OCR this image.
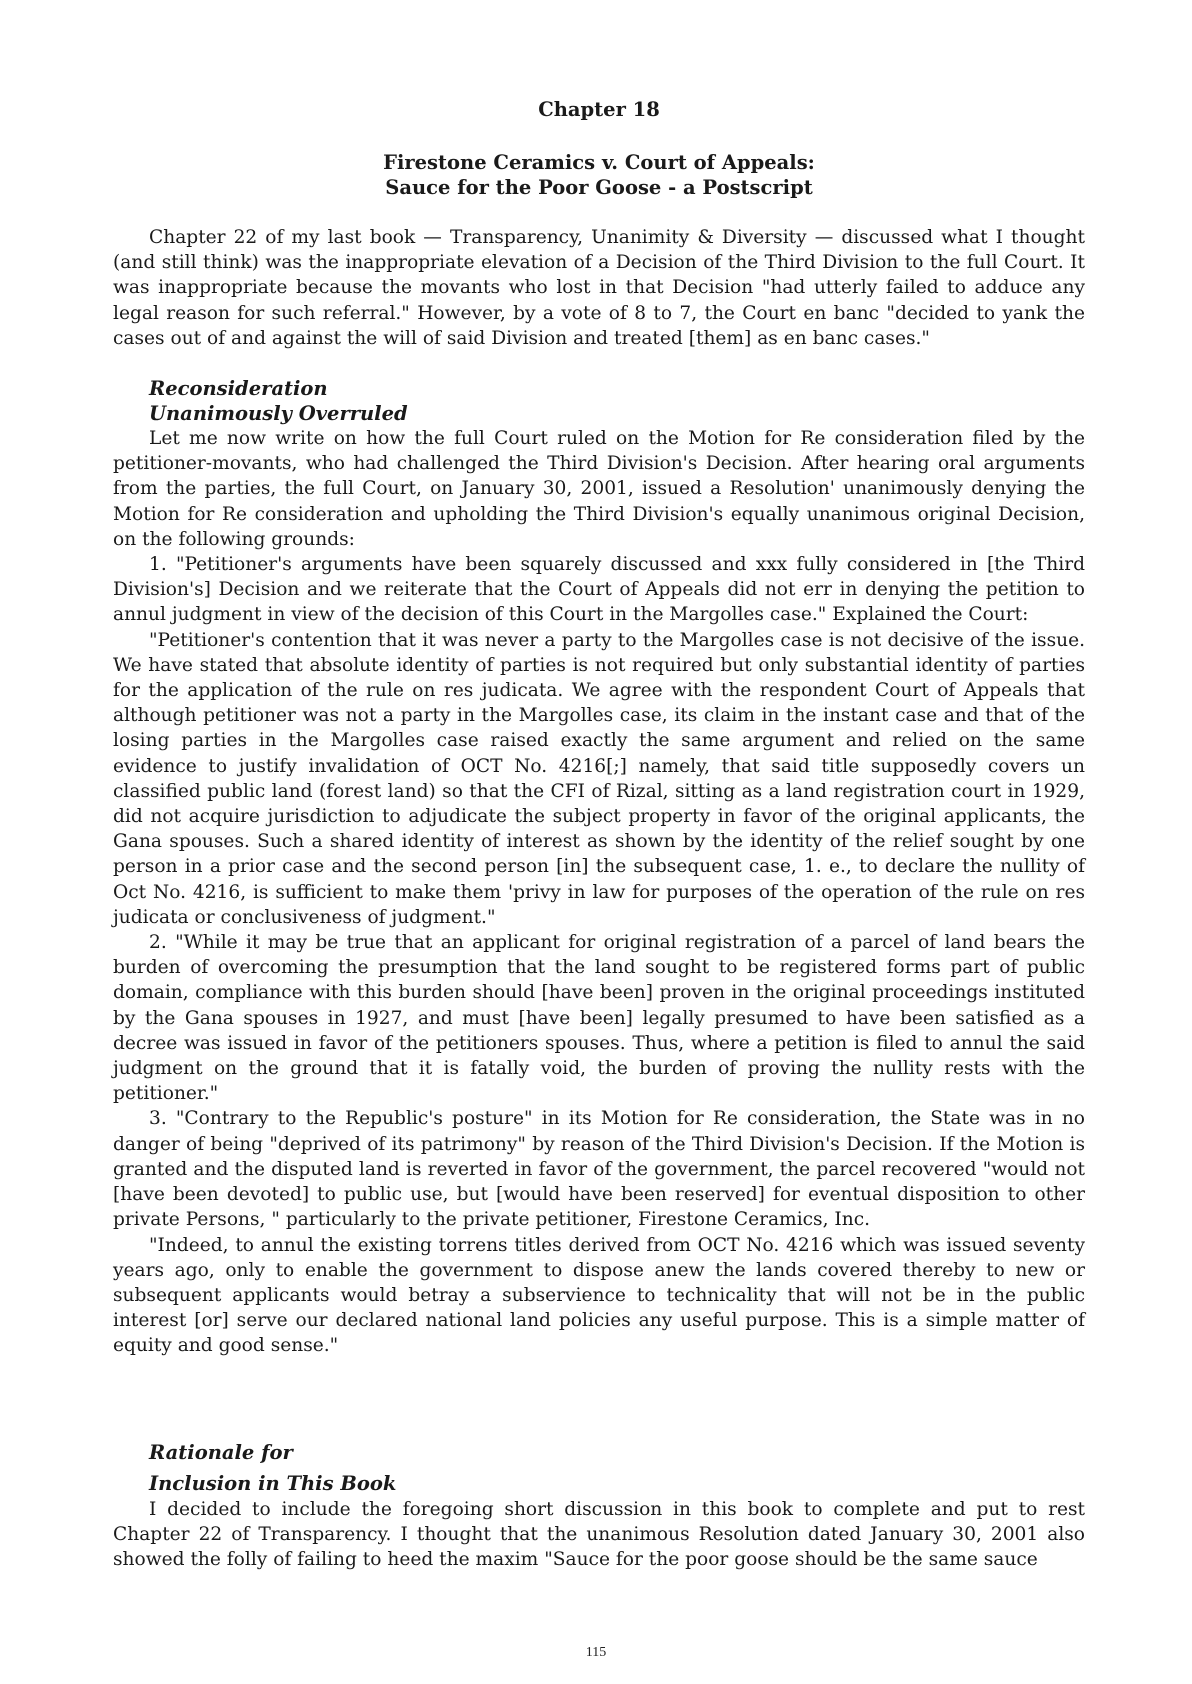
Chapter 18
Firestone Ceramics v. Court of Appeals:
Sauce for the Poor Goose - a Postscript

Chapter 22 of my last book — Transparency, Unanimity & Diversity — discussed what I thought (and still think) was the inappropriate elevation of a Decision of the Third Division to the full Court. It was inappropriate because the movants who lost in that Decision "had utterly failed to adduce any legal reason for such referral." However, by a vote of 8 to 7, the Court en banc "decided to yank the cases out of and against the will of said Division and treated [them] as en banc cases."

Reconsideration
Unanimously Overruled

Let me now write on how the full Court ruled on the Motion for Re consideration filed by the petitioner-movants, who had challenged the Third Division's Decision. After hearing oral arguments from the parties, the full Court, on January 30, 2001, issued a Resolution' unanimously denying the Motion for Re consideration and upholding the Third Division's equally unanimous original Decision, on the following grounds:

1. "Petitioner's arguments have been squarely discussed and xxx fully considered in [the Third Division's] Decision and we reiterate that the Court of Appeals did not err in denying the petition to annul judgment in view of the decision of this Court in the Margolles case." Explained the Court:

"Petitioner's contention that it was never a party to the Margolles case is not decisive of the issue. We have stated that absolute identity of parties is not required but only substantial identity of parties for the application of the rule on res judicata. We agree with the respondent Court of Appeals that although petitioner was not a party in the Margolles case, its claim in the instant case and that of the losing parties in the Margolles case raised exactly the same argument and relied on the same evidence to justify invalidation of OCT No. 4216[;] namely, that said title supposedly covers un classified public land (forest land) so that the CFI of Rizal, sitting as a land registration court in 1929, did not acquire jurisdiction to adjudicate the subject property in favor of the original applicants, the Gana spouses. Such a shared identity of interest as shown by the identity of the relief sought by one person in a prior case and the second person [in] the subsequent case, 1. e., to declare the nullity of Oct No. 4216, is sufficient to make them 'privy in law for purposes of the operation of the rule on res judicata or conclusiveness of judgment."

2. "While it may be true that an applicant for original registration of a parcel of land bears the burden of overcoming the presumption that the land sought to be registered forms part of public domain, compliance with this burden should [have been] proven in the original proceedings instituted by the Gana spouses in 1927, and must [have been] legally presumed to have been satisfied as a decree was issued in favor of the petitioners spouses. Thus, where a petition is filed to annul the said judgment on the ground that it is fatally void, the burden of proving the nullity rests with the petitioner."

3. "Contrary to the Republic's posture" in its Motion for Re consideration, the State was in no danger of being "deprived of its patrimony" by reason of the Third Division's Decision. If the Motion is granted and the disputed land is reverted in favor of the government, the parcel recovered "would not [have been devoted] to public use, but [would have been reserved] for eventual disposition to other private Persons, " particularly to the private petitioner, Firestone Ceramics, Inc.

"Indeed, to annul the existing torrens titles derived from OCT No. 4216 which was issued seventy years ago, only to enable the government to dispose anew the lands covered thereby to new or subsequent applicants would betray a subservience to technicality that will not be in the public interest [or] serve our declared national land policies any useful purpose. This is a simple matter of equity and good sense."

Rationale for
Inclusion in This Book

I decided to include the foregoing short discussion in this book to complete and put to rest Chapter 22 of Transparency. I thought that the unanimous Resolution dated January 30, 2001 also showed the folly of failing to heed the maxim "Sauce for the poor goose should be the same sauce

115
